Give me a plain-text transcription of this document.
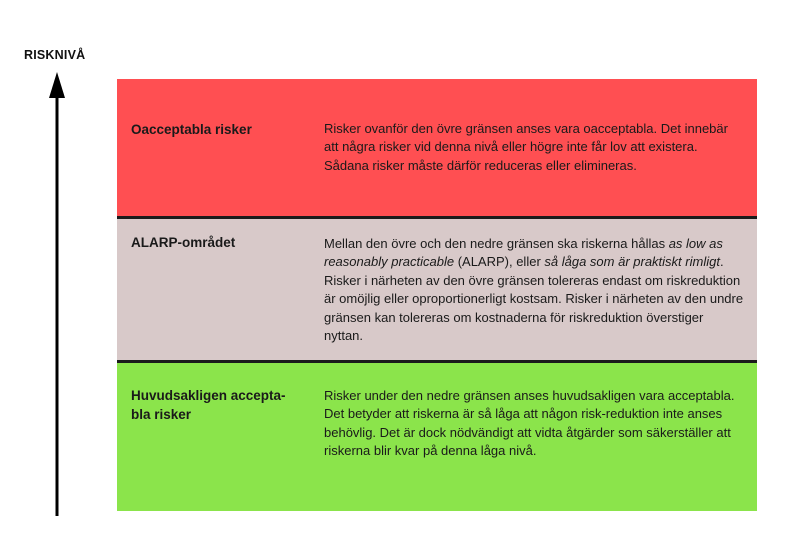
RISKNIVÅ
Oacceptabla risker	Risker ovanför den övre gränsen anses vara oacceptabla. Det innebär att några risker vid denna nivå eller högre inte får lov att existera. Sådana risker måste därför reduceras eller elimineras.
ALARP-området	Mellan den övre och den nedre gränsen ska riskerna hållas as low as reasonably practicable (ALARP), eller så låga som är praktiskt rimligt. Risker i närheten av den övre gränsen tolereras endast om riskreduktion är omöjlig eller oproportionerligt kostsam. Risker i närheten av den undre gränsen kan tolereras om kostnaderna för riskreduktion överstiger nyttan.
Huvudsakligen accepta-bla risker
Risker under den nedre gränsen anses huvudsakligen vara acceptabla. Det betyder att riskerna är så låga att någon risk-reduktion inte anses behövlig. Det är dock nödvändigt att vidta åtgärder som säkerställer att riskerna blir kvar på denna låga nivå.
